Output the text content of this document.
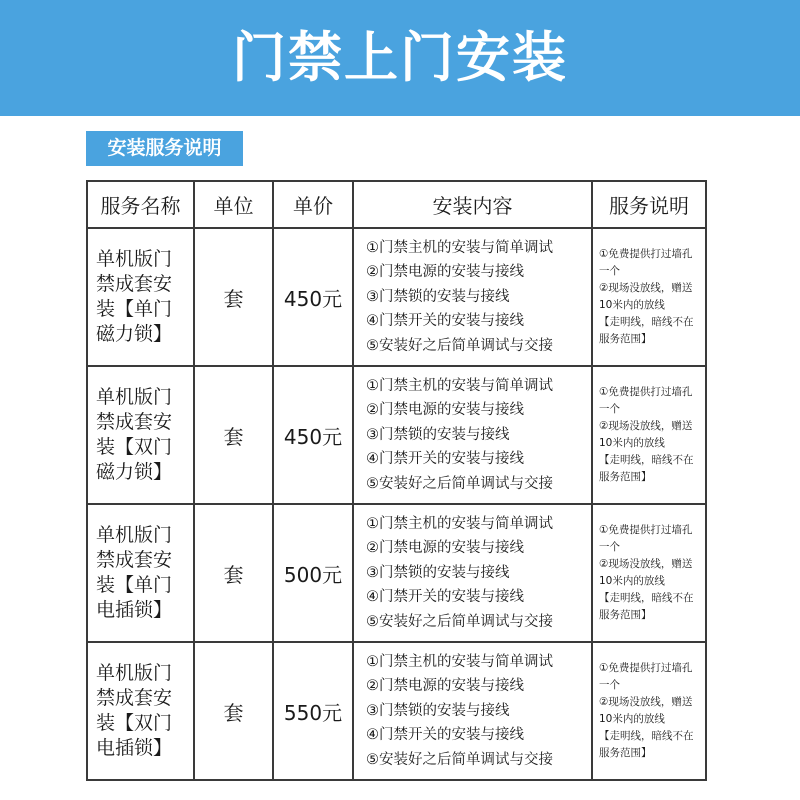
门禁上门安装
安装服务说明
服务名称	单位	单价	安装内容	服务说明
单机版门禁成套安装【单门磁力锁】	套	450元	①门禁主机的安装与简单调试
②门禁电源的安装与接线
③门禁锁的安装与接线
④门禁开关的安装与接线
⑤安装好之后简单调试与交接	①免费提供打过墙孔一个
②现场没放线，赠送10米内的放线
【走明线，暗线不在服务范围】

单机版门禁成套安装【双门磁力锁】	套	450元	①门禁主机的安装与简单调试
②门禁电源的安装与接线
③门禁锁的安装与接线
④门禁开关的安装与接线
⑤安装好之后简单调试与交接	①免费提供打过墙孔一个
②现场没放线，赠送10米内的放线
【走明线，暗线不在服务范围】

单机版门禁成套安装【单门电插锁】	套	500元	①门禁主机的安装与简单调试
②门禁电源的安装与接线
③门禁锁的安装与接线
④门禁开关的安装与接线
⑤安装好之后简单调试与交接	①免费提供打过墙孔一个
②现场没放线，赠送10米内的放线
【走明线，暗线不在服务范围】

单机版门禁成套安装【双门电插锁】	套	550元	①门禁主机的安装与简单调试
②门禁电源的安装与接线
③门禁锁的安装与接线
④门禁开关的安装与接线
⑤安装好之后简单调试与交接	①免费提供打过墙孔一个
②现场没放线，赠送10米内的放线
【走明线，暗线不在服务范围】
